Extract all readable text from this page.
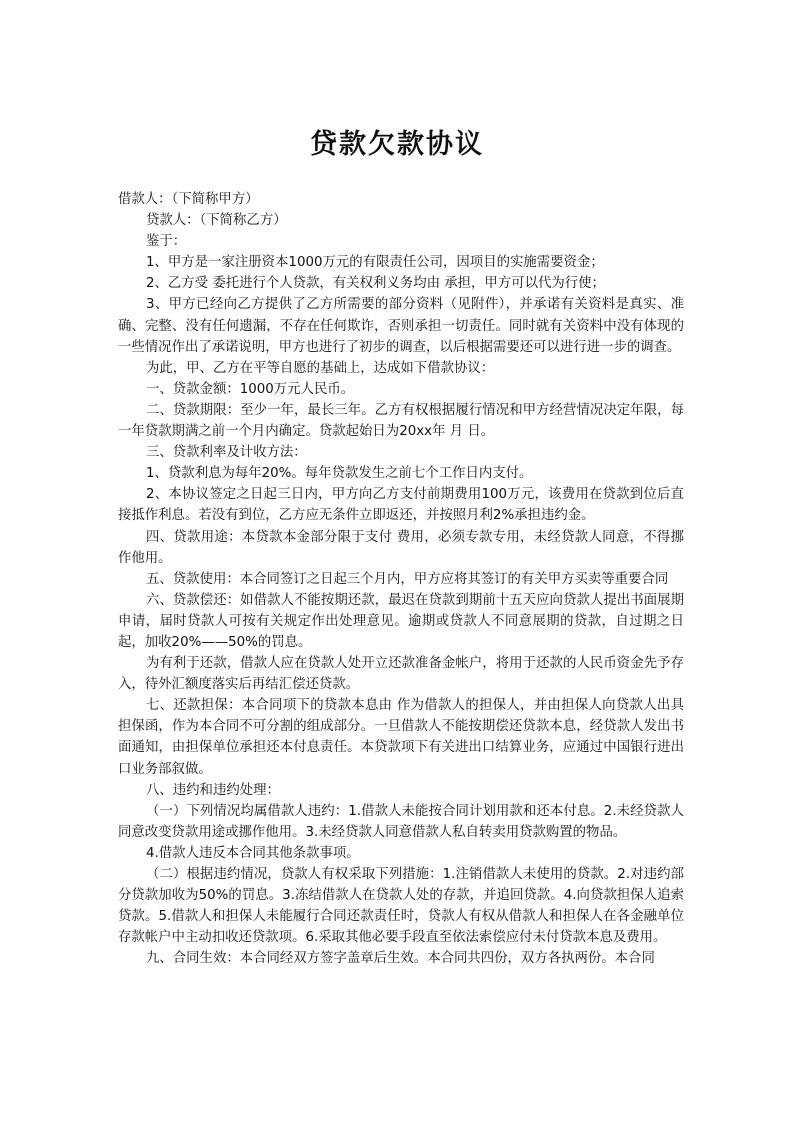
贷款欠款协议

借款人：（下简称甲方）

贷款人：（下简称乙方）

鉴于：

1、甲方是一家注册资本1000万元的有限责任公司，因项目的实施需要资金；

2、乙方受 委托进行个人贷款，有关权利义务均由 承担，甲方可以代为行使；

3、甲方已经向乙方提供了乙方所需要的部分资料（见附件），并承诺有关资料是真实、准确、完整、没有任何遗漏，不存在任何欺诈，否则承担一切责任。同时就有关资料中没有体现的一些情况作出了承诺说明，甲方也进行了初步的调查，以后根据需要还可以进行进一步的调查。

为此，甲、乙方在平等自愿的基础上，达成如下借款协议：

一、贷款金额：1000万元人民币。

二、贷款期限：至少一年，最长三年。乙方有权根据履行情况和甲方经营情况决定年限，每一年贷款期满之前一个月内确定。贷款起始日为20xx年 月 日。

三、贷款利率及计收方法：

1、贷款利息为每年20%。每年贷款发生之前七个工作日内支付。

2、本协议签定之日起三日内，甲方向乙方支付前期费用100万元，该费用在贷款到位后直接抵作利息。若没有到位，乙方应无条件立即返还，并按照月利2%承担违约金。

四、贷款用途：本贷款本金部分限于支付 费用，必须专款专用，未经贷款人同意，不得挪作他用。

五、贷款使用：本合同签订之日起三个月内，甲方应将其签订的有关甲方买卖等重要合同

六、贷款偿还：如借款人不能按期还款，最迟在贷款到期前十五天应向贷款人提出书面展期申请，届时贷款人可按有关规定作出处理意见。逾期或贷款人不同意展期的贷款，自过期之日起，加收20%——50%的罚息。

为有利于还款，借款人应在贷款人处开立还款准备金帐户，将用于还款的人民币资金先予存入，待外汇额度落实后再结汇偿还贷款。

七、还款担保：本合同项下的贷款本息由 作为借款人的担保人，并由担保人向贷款人出具担保函，作为本合同不可分割的组成部分。一旦借款人不能按期偿还贷款本息，经贷款人发出书面通知，由担保单位承担还本付息责任。本贷款项下有关进出口结算业务，应通过中国银行进出口业务部叙做。

八、违约和违约处理：

（一）下列情况均属借款人违约：1.借款人未能按合同计划用款和还本付息。2.未经贷款人同意改变贷款用途或挪作他用。3.未经贷款人同意借款人私自转卖用贷款购置的物品。

4.借款人违反本合同其他条款事项。

（二）根据违约情况，贷款人有权采取下列措施：1.注销借款人未使用的贷款。2.对违约部分贷款加收为50%的罚息。3.冻结借款人在贷款人处的存款，并追回贷款。4.向贷款担保人追索贷款。5.借款人和担保人未能履行合同还款责任时，贷款人有权从借款人和担保人在各金融单位存款帐户中主动扣收还贷款项。6.采取其他必要手段直至依法索偿应付未付贷款本息及费用。

九、合同生效：本合同经双方签字盖章后生效。本合同共四份，双方各执两份。本合同
